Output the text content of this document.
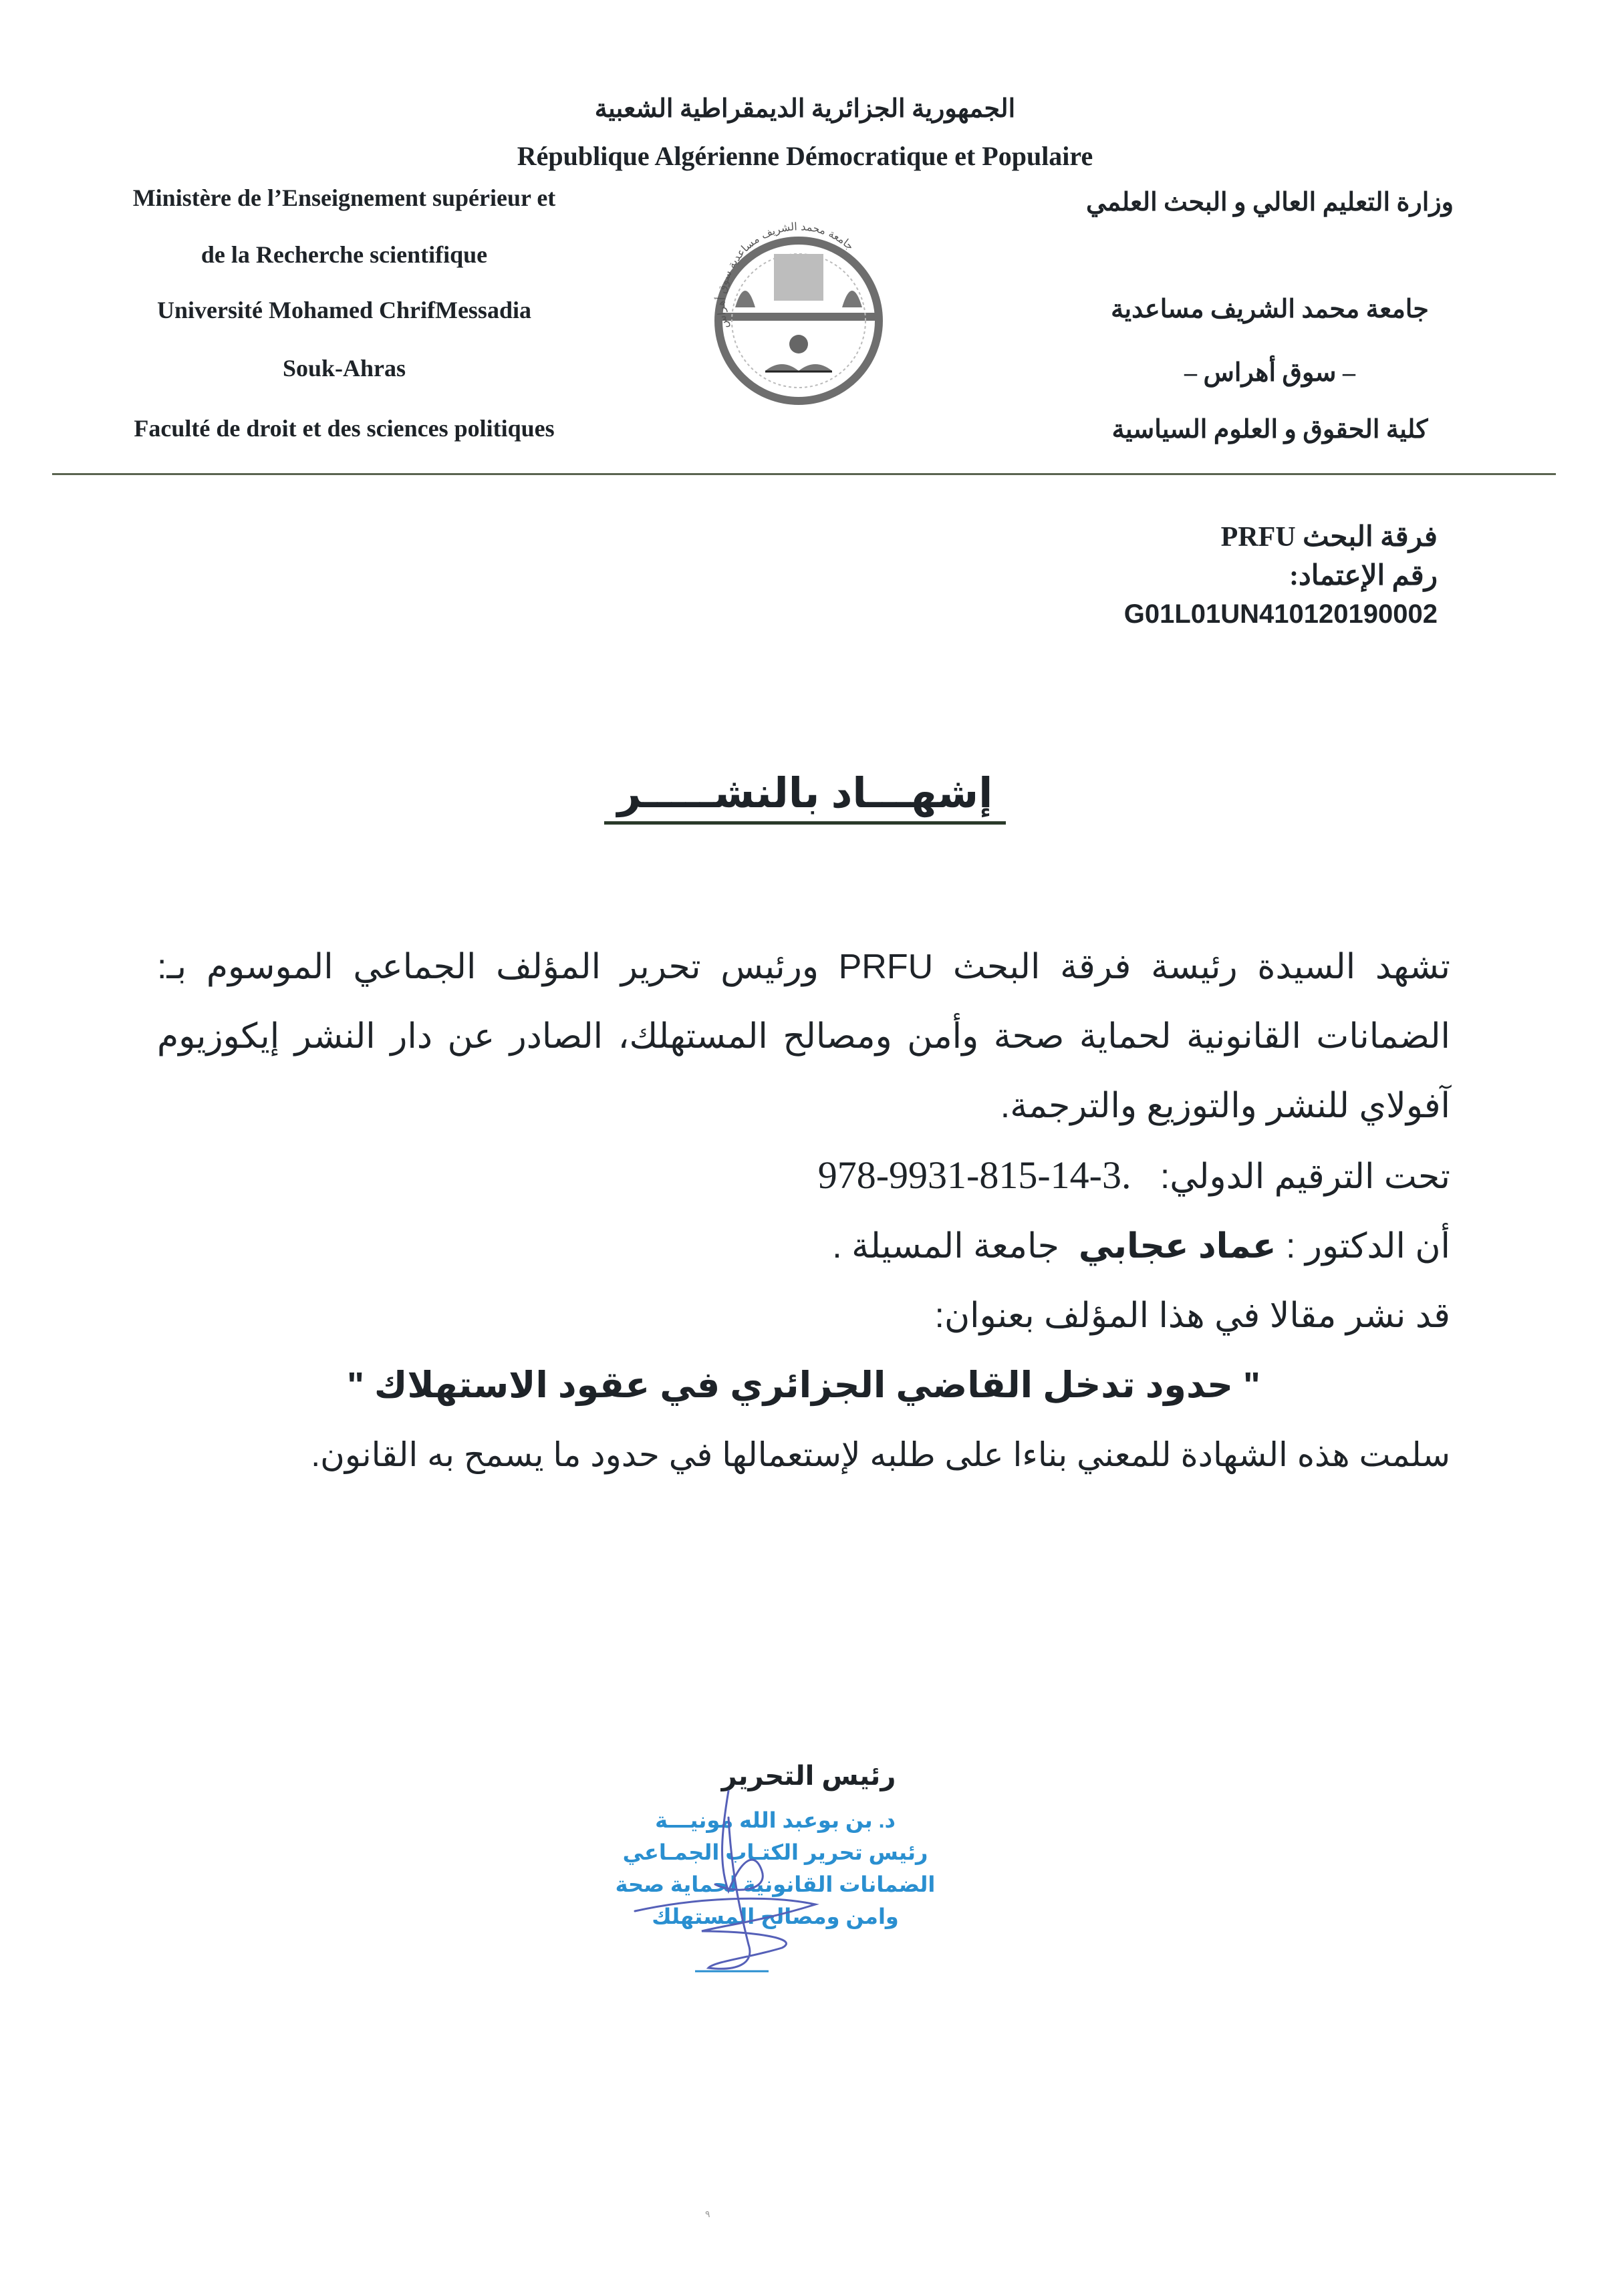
الجمهورية الجزائرية الديمقراطية الشعبية
République Algérienne Démocratique et Populaire
Ministère de l’Enseignement supérieur et
de la Recherche scientifique
Université Mohamed ChrifMessadia
Souk-Ahras
Faculté de droit et des sciences politiques
وزارة التعليم العالي و البحث العلمي
جامعة محمد الشريف مساعدية
– سوق أهراس –
كلية الحقوق و العلوم السياسية
جامعة محمد الشريف مساعدية سوق أهراس
فرقة البحث PRFU
رقم الإعتماد:
G01L01UN410120190002
إشهـــاد بالنشـــــر

تشهد السيدة رئيسة فرقة البحث PRFU ورئيس تحرير المؤلف الجماعي الموسوم بـ: الضمانات القانونية لحماية صحة وأمن ومصالح المستهلك، الصادر عن دار النشر إيكوزيوم آفولاي للنشر والتوزيع والترجمة.

تحت الترقيم الدولي:   978-9931-815-14-3.

أن الدكتور : عماد عجابي  جامعة المسيلة .

قد نشر مقالا في هذا المؤلف بعنوان:

" حدود تدخل القاضي الجزائري في عقود الاستهلاك "

سلمت هذه الشهادة للمعني بناءا على طلبه لإستعمالها في حدود ما يسمح به القانون.

رئيس التحرير
د. بن بوعبد الله مونيـــة
رئيس تحرير الكتـاب الجمـاعي
الضمانات القانونية لحماية صحة
وامن ومصالح المستهلك
٩
